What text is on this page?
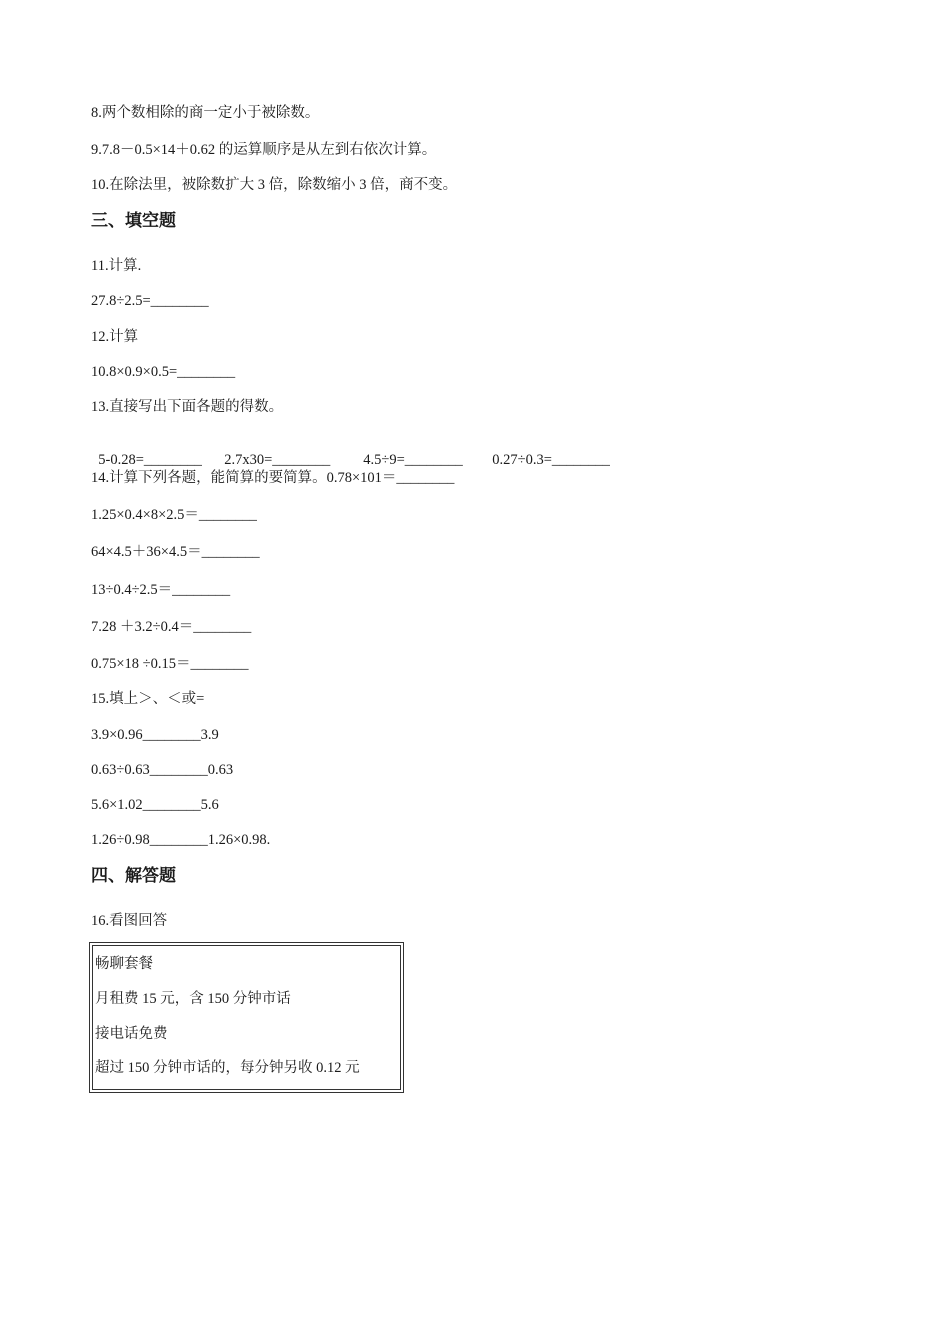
8.两个数相除的商一定小于被除数。
9.7.8－0.5×14＋0.62 的运算顺序是从左到右依次计算。
10.在除法里，被除数扩大 3 倍，除数缩小 3 倍，商不变。
三、填空题
11.计算.
27.8÷2.5=________
12.计算
10.8×0.9×0.5=________
13.直接写出下面各题的得数。

5-0.28=________ 2.7x30=________ 4.5÷9=________ 0.27÷0.3=________

14.计算下列各题，能简算的要简算。0.78×101＝________
1.25×0.4×8×2.5＝________
64×4.5＋36×4.5＝________
13÷0.4÷2.5＝________
7.28 ＋3.2÷0.4＝________
0.75×18 ÷0.15＝________
15.填上＞、＜或=
3.9×0.96________3.9
0.63÷0.63________0.63
5.6×1.02________5.6
1.26÷0.98________1.26×0.98.
四、解答题
16.看图回答
畅聊套餐
月租费 15 元，含 150 分钟市话
接电话免费
超过 150 分钟市话的，每分钟另收 0.12 元
